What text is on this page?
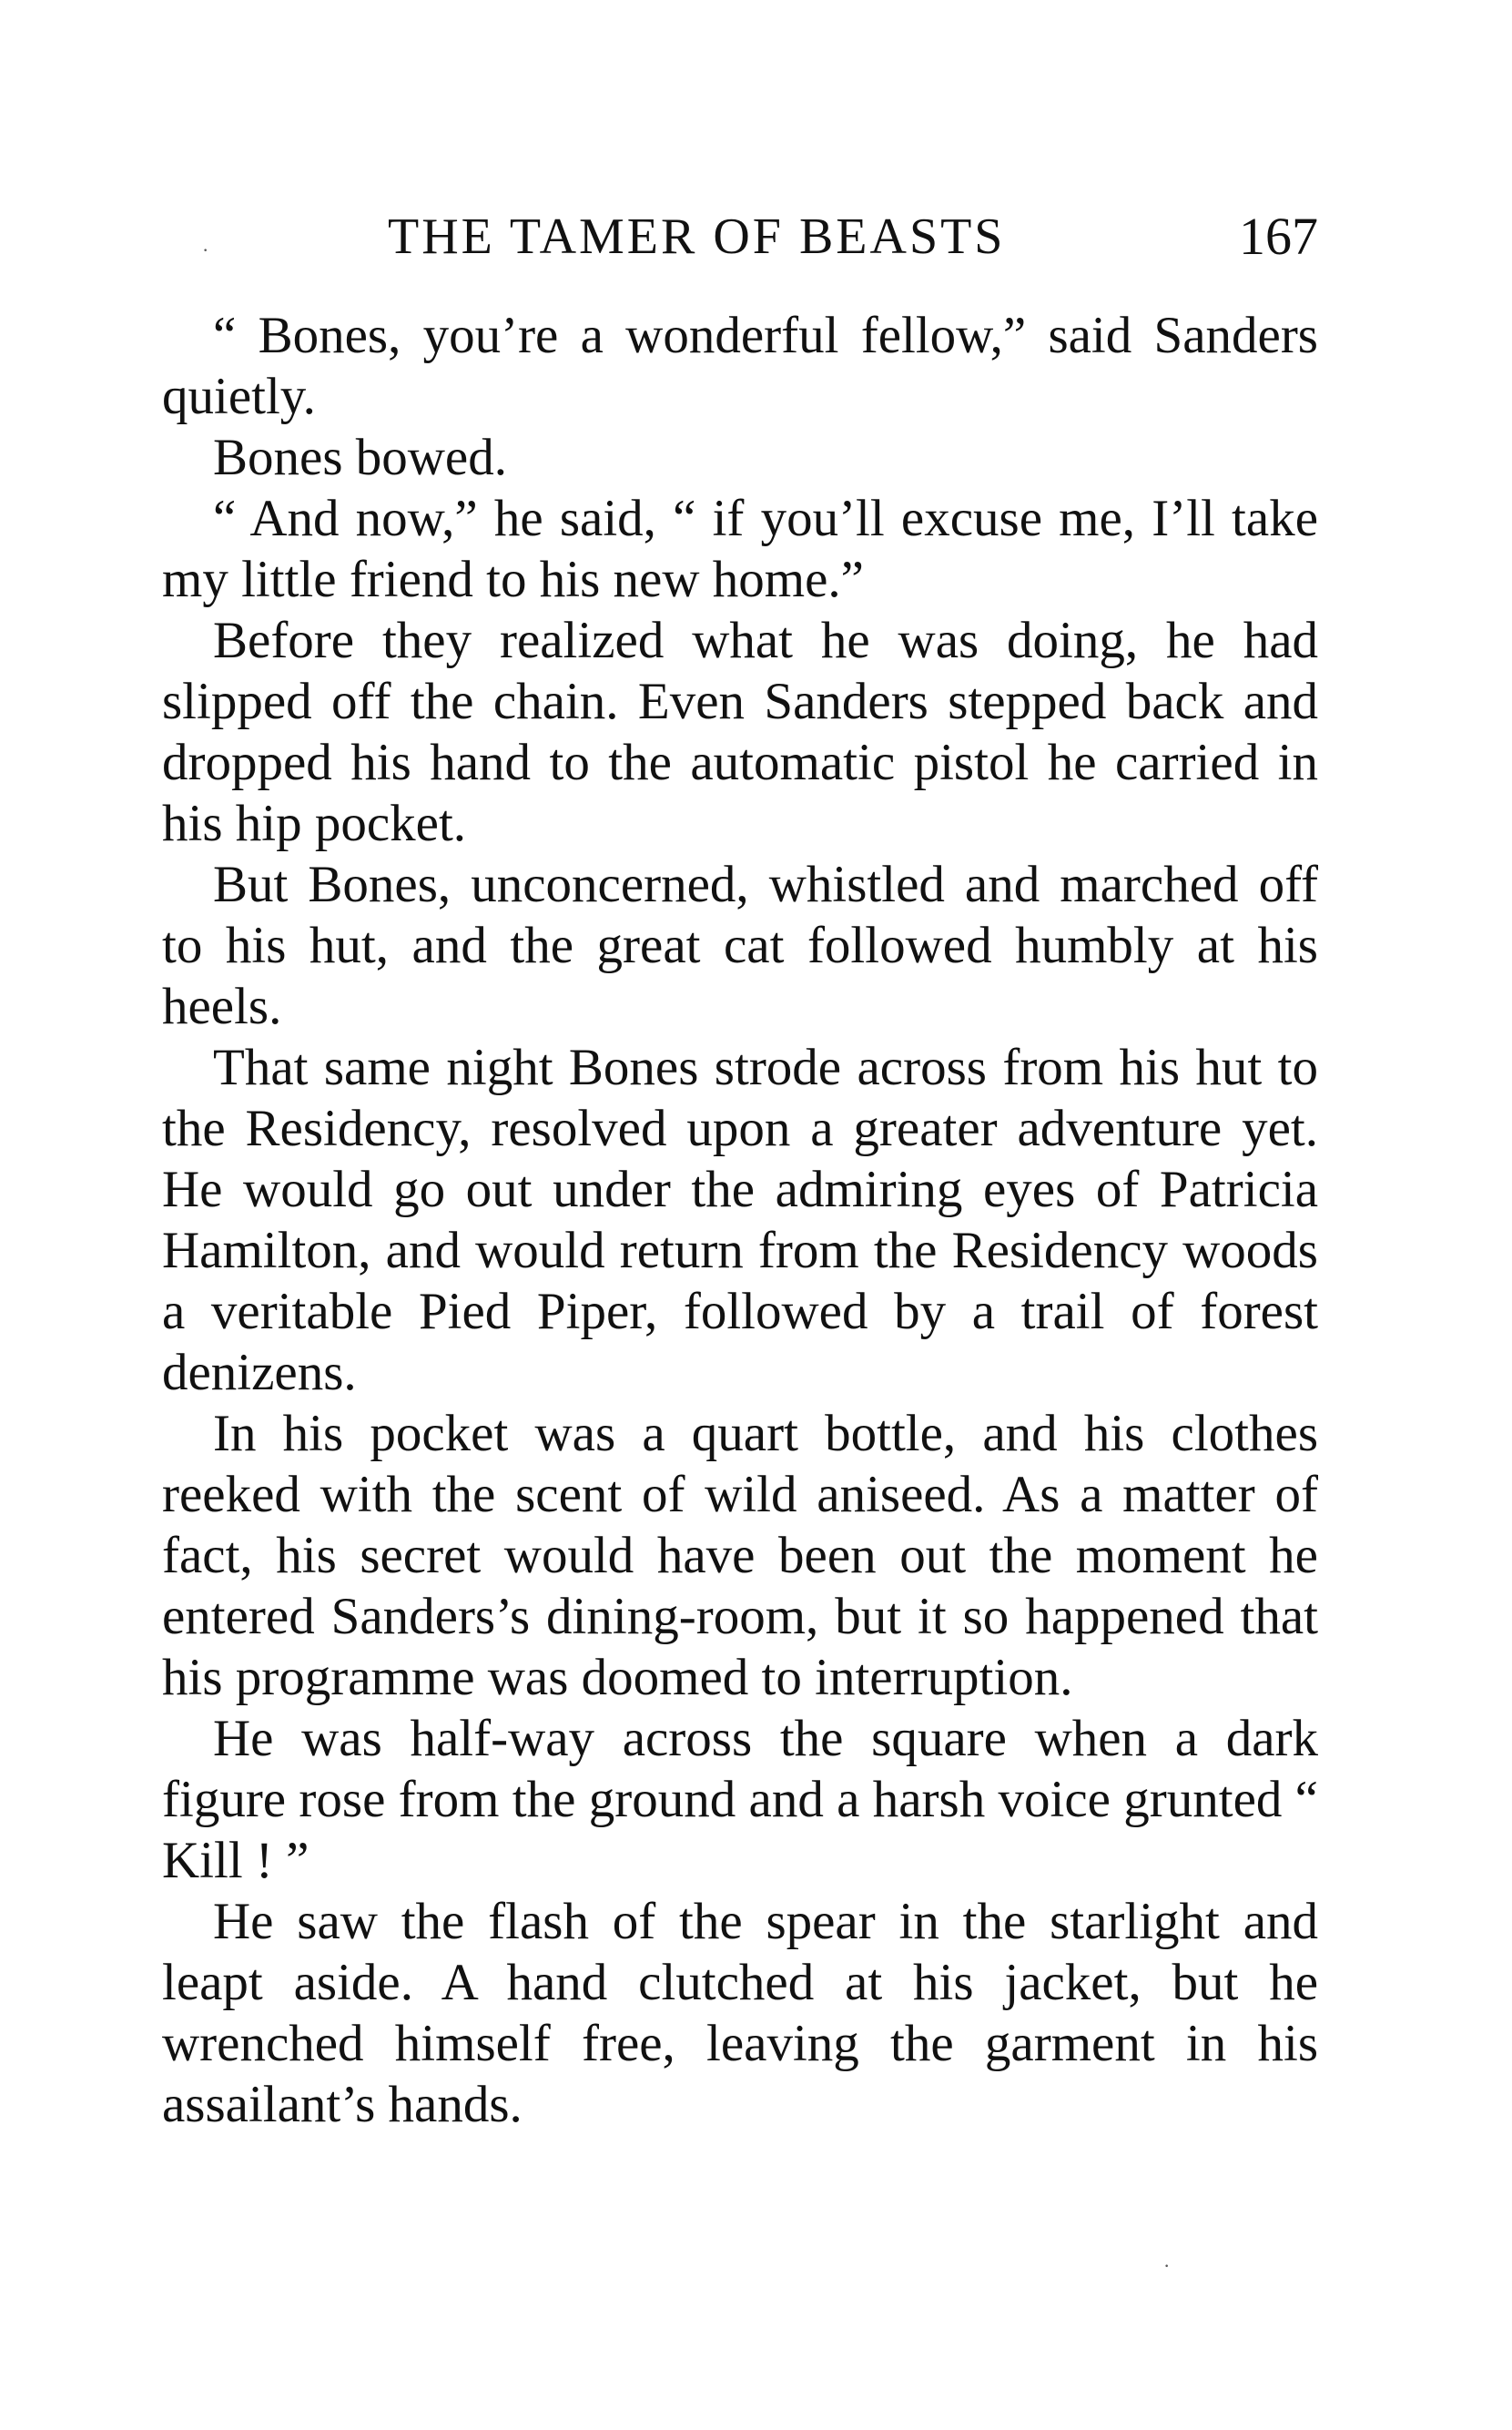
THE TAMER OF BEASTS	167

“ Bones, you’re a wonderful fellow,” said Sanders quietly.

Bones bowed.

“ And now,” he said, “ if you’ll excuse me, I’ll take my little friend to his new home.”

Before they realized what he was doing, he had slipped off the chain. Even Sanders stepped back and dropped his hand to the automatic pistol he carried in his hip pocket.

But Bones, unconcerned, whistled and marched off to his hut, and the great cat followed humbly at his heels.

That same night Bones strode across from his hut to the Residency, resolved upon a greater adventure yet. He would go out under the admiring eyes of Patricia Hamilton, and would return from the Residency woods a veritable Pied Piper, followed by a trail of forest denizens.

In his pocket was a quart bottle, and his clothes reeked with the scent of wild aniseed. As a matter of fact, his secret would have been out the moment he entered Sanders’s dining-room, but it so happened that his programme was doomed to interruption.

He was half-way across the square when a dark figure rose from the ground and a harsh voice grunted “ Kill ! ”

He saw the flash of the spear in the starlight and leapt aside. A hand clutched at his jacket, but he wrenched himself free, leaving the garment in his assailant’s hands.

·
·
